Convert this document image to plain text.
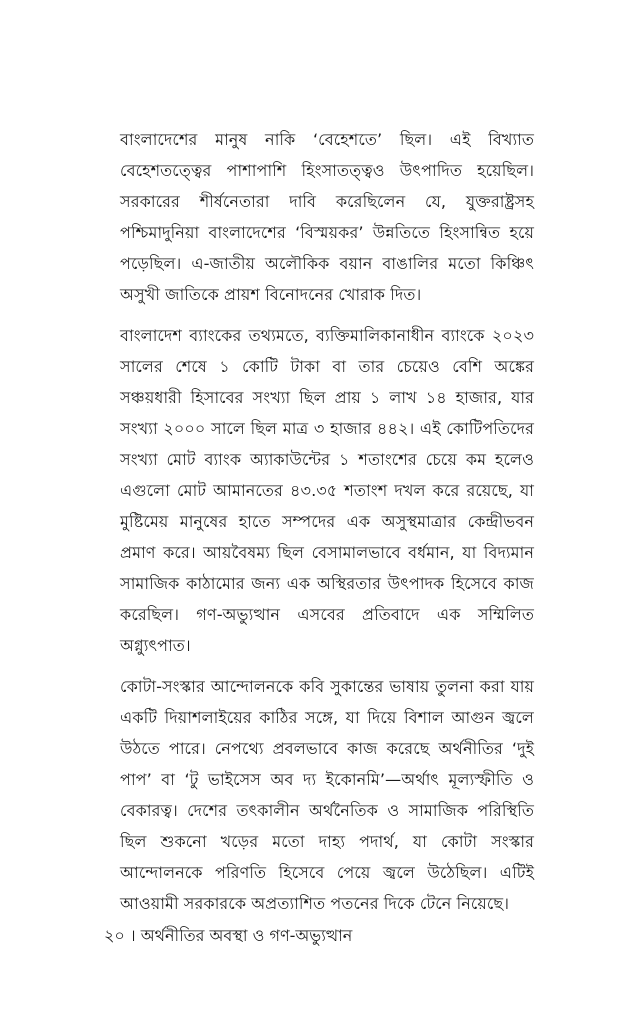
বাংলাদেশের মানুষ নাকি ‘বেহেশতে’ ছিল। এই বিখ্যাত বেহেশতত্ত্বের পাশাপাশি হিংসাতত্ত্বও উৎপাদিত হয়েছিল। সরকারের শীর্ষনেতারা দাবি করেছিলেন যে, যুক্তরাষ্ট্রসহ পশ্চিমাদুনিয়া বাংলাদেশের ‘বিস্ময়কর’ উন্নতিতে হিংসান্বিত হয়ে পড়েছিল। এ-জাতীয় অলৌকিক বয়ান বাঙালির মতো কিঞ্চিৎ অসুখী জাতিকে প্রায়শ বিনোদনের খোরাক দিত।

বাংলাদেশ ব্যাংকের তথ্যমতে, ব্যক্তিমালিকানাধীন ব্যাংকে ২০২৩ সালের শেষে ১ কোটি টাকা বা তার চেয়েও বেশি অঙ্কের সঞ্চয়ধারী হিসাবের সংখ্যা ছিল প্রায় ১ লাখ ১৪ হাজার, যার সংখ্যা ২০০০ সালে ছিল মাত্র ৩ হাজার ৪৪২। এই কোটিপতিদের সংখ্যা মোট ব্যাংক অ্যাকাউন্টের ১ শতাংশের চেয়ে কম হলেও এগুলো মোট আমানতের ৪৩.৩৫ শতাংশ দখল করে রয়েছে, যা মুষ্টিমেয় মানুষের হাতে সম্পদের এক অসুস্থমাত্রার কেন্দ্রীভবন প্রমাণ করে। আয়বৈষম্য ছিল বেসামালভাবে বর্ধমান, যা বিদ্যমান সামাজিক কাঠামোর জন্য এক অস্থিরতার উৎপাদক হিসেবে কাজ করেছিল। গণ-অভ্যুত্থান এসবের প্রতিবাদে এক সম্মিলিত অগ্ন্যুৎপাত।

কোটা-সংস্কার আন্দোলনকে কবি সুকান্তের ভাষায় তুলনা করা যায় একটি দিয়াশলাইয়ের কাঠির সঙ্গে, যা দিয়ে বিশাল আগুন জ্বলে উঠতে পারে। নেপথ্যে প্রবলভাবে কাজ করেছে অর্থনীতির ‘দুই পাপ’ বা ‘টু ভাইসেস অব দ্য ইকোনমি’—অর্থাৎ মূল্যস্ফীতি ও বেকারত্ব। দেশের তৎকালীন অর্থনৈতিক ও সামাজিক পরিস্থিতি ছিল শুকনো খড়ের মতো দাহ্য পদার্থ, যা কোটা সংস্কার আন্দোলনকে পরিণতি হিসেবে পেয়ে জ্বলে উঠেছিল। এটিই আওয়ামী সরকারকে অপ্রত্যাশিত পতনের দিকে টেনে নিয়েছে।

২০ । অর্থনীতির অবস্থা ও গণ-অভ্যুত্থান
